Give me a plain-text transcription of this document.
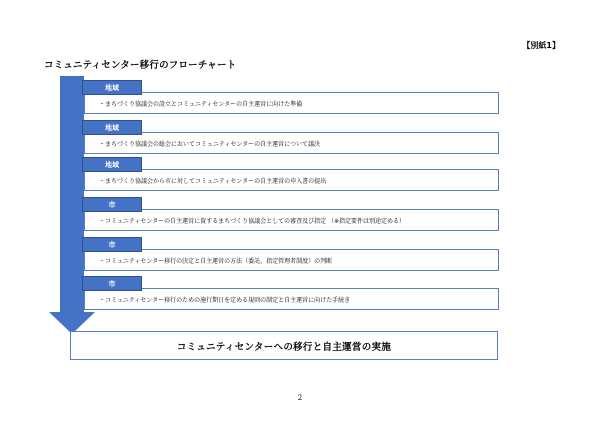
【別紙1】
コミュニティセンター移行のフローチャート
・まちづくり協議会の設立とコミュニティセンターの自主運営に向けた準備
地域
・まちづくり協議会の総会においてコミュニティセンターの自主運営について議決
地域
・まちづくり協議会から市に対してコミュニティセンターの自主運営の申入書の提出
地域
・コミュニティセンターの自主運営に資するまちづくり協議会としての審査及び指定 （※指定要件は別途定める）
市
・コミュニティセンター移行の決定と自主運営の方法（委託、指定管理者制度）の判断
市
・コミュニティセンター移行のための施行期日を定める規則の制定と自主運営に向けた手続き
市
コミュニティセンターへの移行と自主運営の実施
2
